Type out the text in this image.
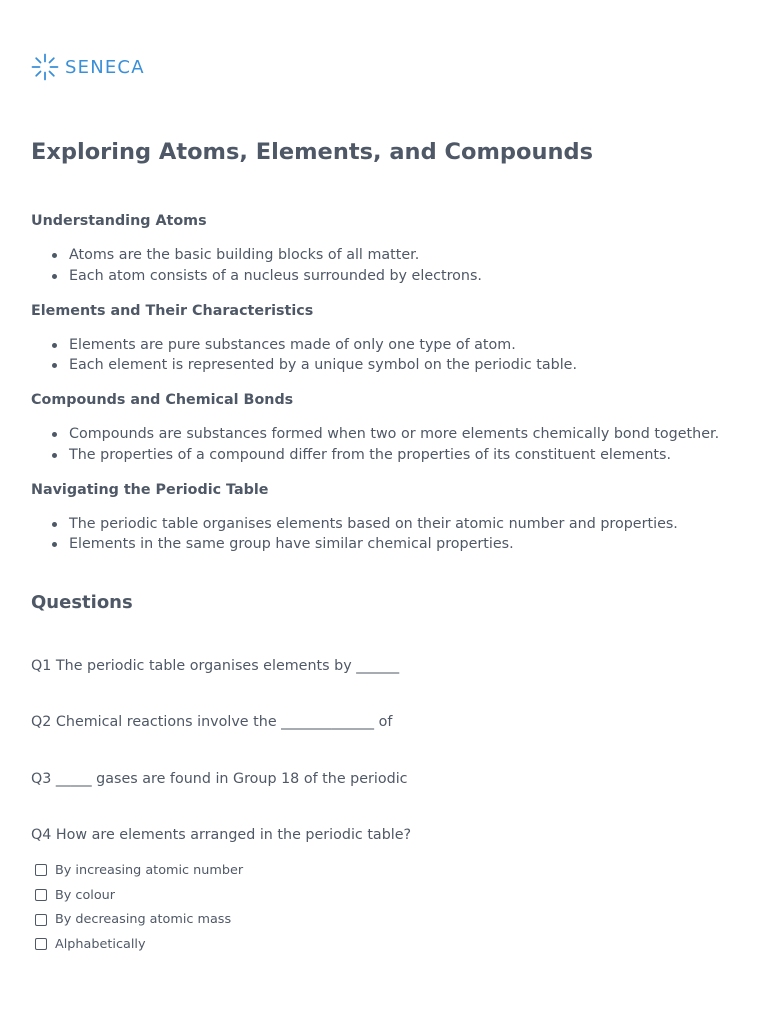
SENECA
Exploring Atoms, Elements, and Compounds
Understanding Atoms
Atoms are the basic building blocks of all matter.
Each atom consists of a nucleus surrounded by electrons.
Elements and Their Characteristics
Elements are pure substances made of only one type of atom.
Each element is represented by a unique symbol on the periodic table.
Compounds and Chemical Bonds
Compounds are substances formed when two or more elements chemically bond together.
The properties of a compound differ from the properties of its constituent elements.
Navigating the Periodic Table
The periodic table organises elements based on their atomic number and properties.
Elements in the same group have similar chemical properties.
Questions

Q1 The periodic table organises elements by ______

Q2 Chemical reactions involve the _____________ of

Q3 _____ gases are found in Group 18 of the periodic

Q4 How are elements arranged in the periodic table?

By increasing atomic number
By colour
By decreasing atomic mass
Alphabetically
